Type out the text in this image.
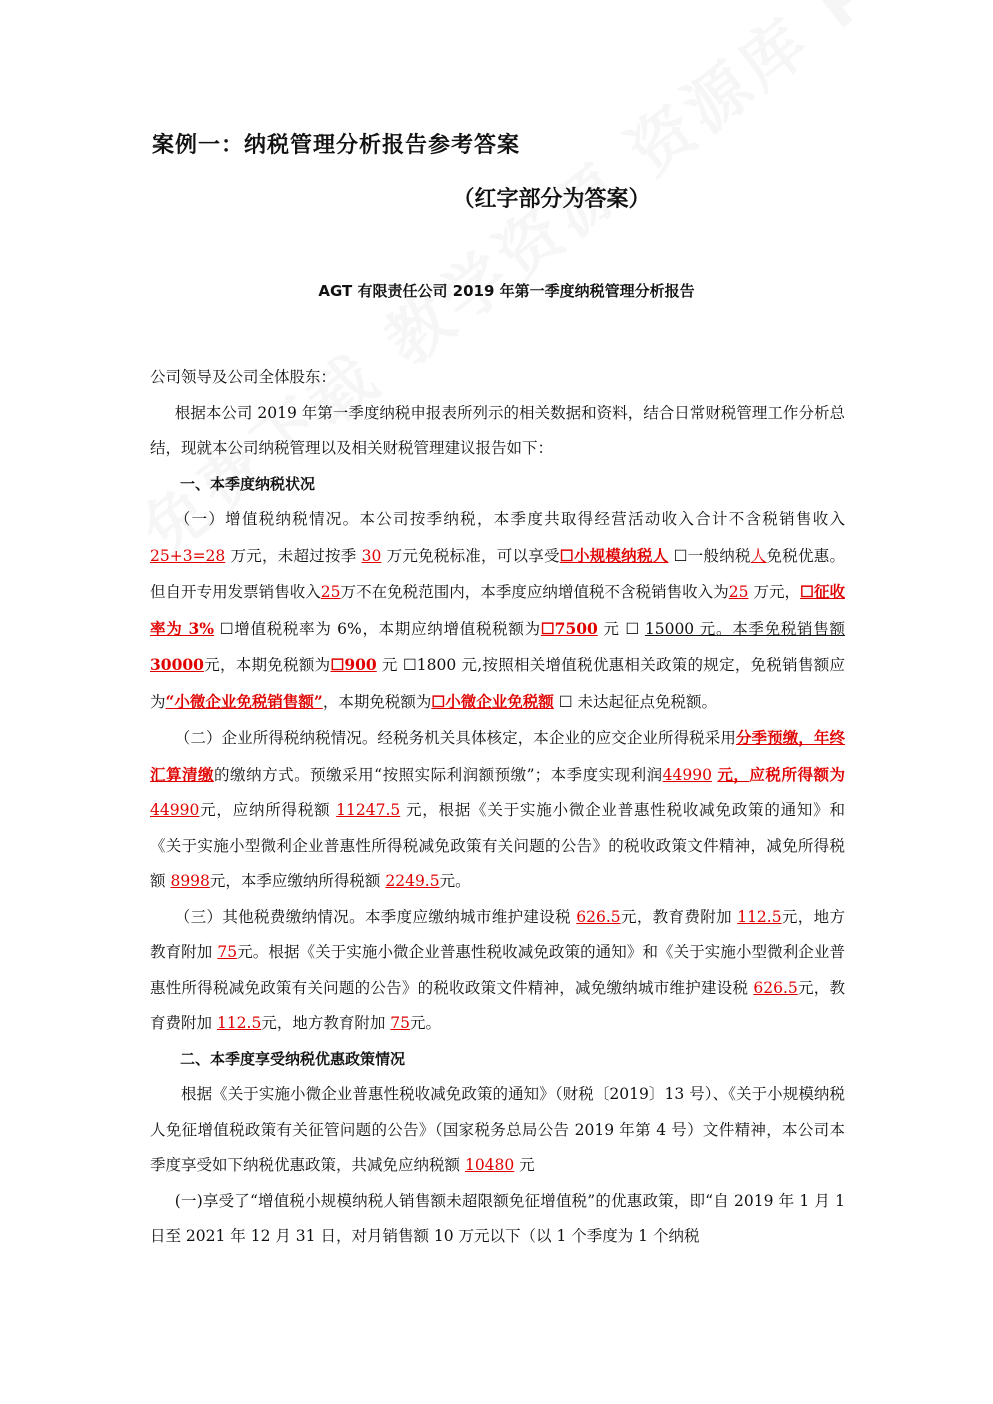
案例一：纳税管理分析报告参考答案
（红字部分为答案）
AGT 有限责任公司 2019 年第一季度纳税管理分析报告

公司领导及公司全体股东：

根据本公司 2019 年第一季度纳税申报表所列示的相关数据和资料，结合日常财税管理工作分析总结，现就本公司纳税管理以及相关财税管理建议报告如下：

一、本季度纳税状况

（一）增值税纳税情况。本公司按季纳税，本季度共取得经营活动收入合计不含税销售收入 25+3=28 万元，未超过按季 30 万元免税标准，可以享受☐小规模纳税人 ☐一般纳税人免税优惠。但自开专用发票销售收入25万不在免税范围内，本季度应纳增值税不含税销售收入为25 万元，☐征收率为 3% ☐增值税税率为 6%，本期应纳增值税税额为☐7500 元 ☐ 15000 元。本季免税销售额30000元，本期免税额为☐900 元 ☐1800 元,按照相关增值税优惠相关政策的规定，免税销售额应为“小微企业免税销售额”，本期免税额为☐小微企业免税额 ☐ 未达起征点免税额。

（二）企业所得税纳税情况。经税务机关具体核定，本企业的应交企业所得税采用分季预缴，年终汇算清缴的缴纳方式。预缴采用“按照实际利润额预缴”；本季度实现利润44990 元，应税所得额为 44990元，应纳所得税额 11247.5 元，根据《关于实施小微企业普惠性税收减免政策的通知》和《关于实施小型微利企业普惠性所得税减免政策有关问题的公告》的税收政策文件精神，减免所得税额 8998元，本季应缴纳所得税额 2249.5元。

（三）其他税费缴纳情况。本季度应缴纳城市维护建设税 626.5元，教育费附加 112.5元，地方教育附加 75元。根据《关于实施小微企业普惠性税收减免政策的通知》和《关于实施小型微利企业普惠性所得税减免政策有关问题的公告》的税收政策文件精神，减免缴纳城市维护建设税 626.5元，教育费附加 112.5元，地方教育附加 75元。

二、本季度享受纳税优惠政策情况

根据《关于实施小微企业普惠性税收减免政策的通知》（财税〔2019〕13 号）、《关于小规模纳税人免征增值税政策有关征管问题的公告》（国家税务总局公告 2019 年第 4 号）文件精神，本公司本季度享受如下纳税优惠政策，共减免应纳税额 10480 元

(一)享受了“增值税小规模纳税人销售额未超限额免征增值税”的优惠政策，即“自 2019 年 1 月 1 日至 2021 年 12 月 31 日，对月销售额 10 万元以下（以 1 个季度为 1 个纳税
